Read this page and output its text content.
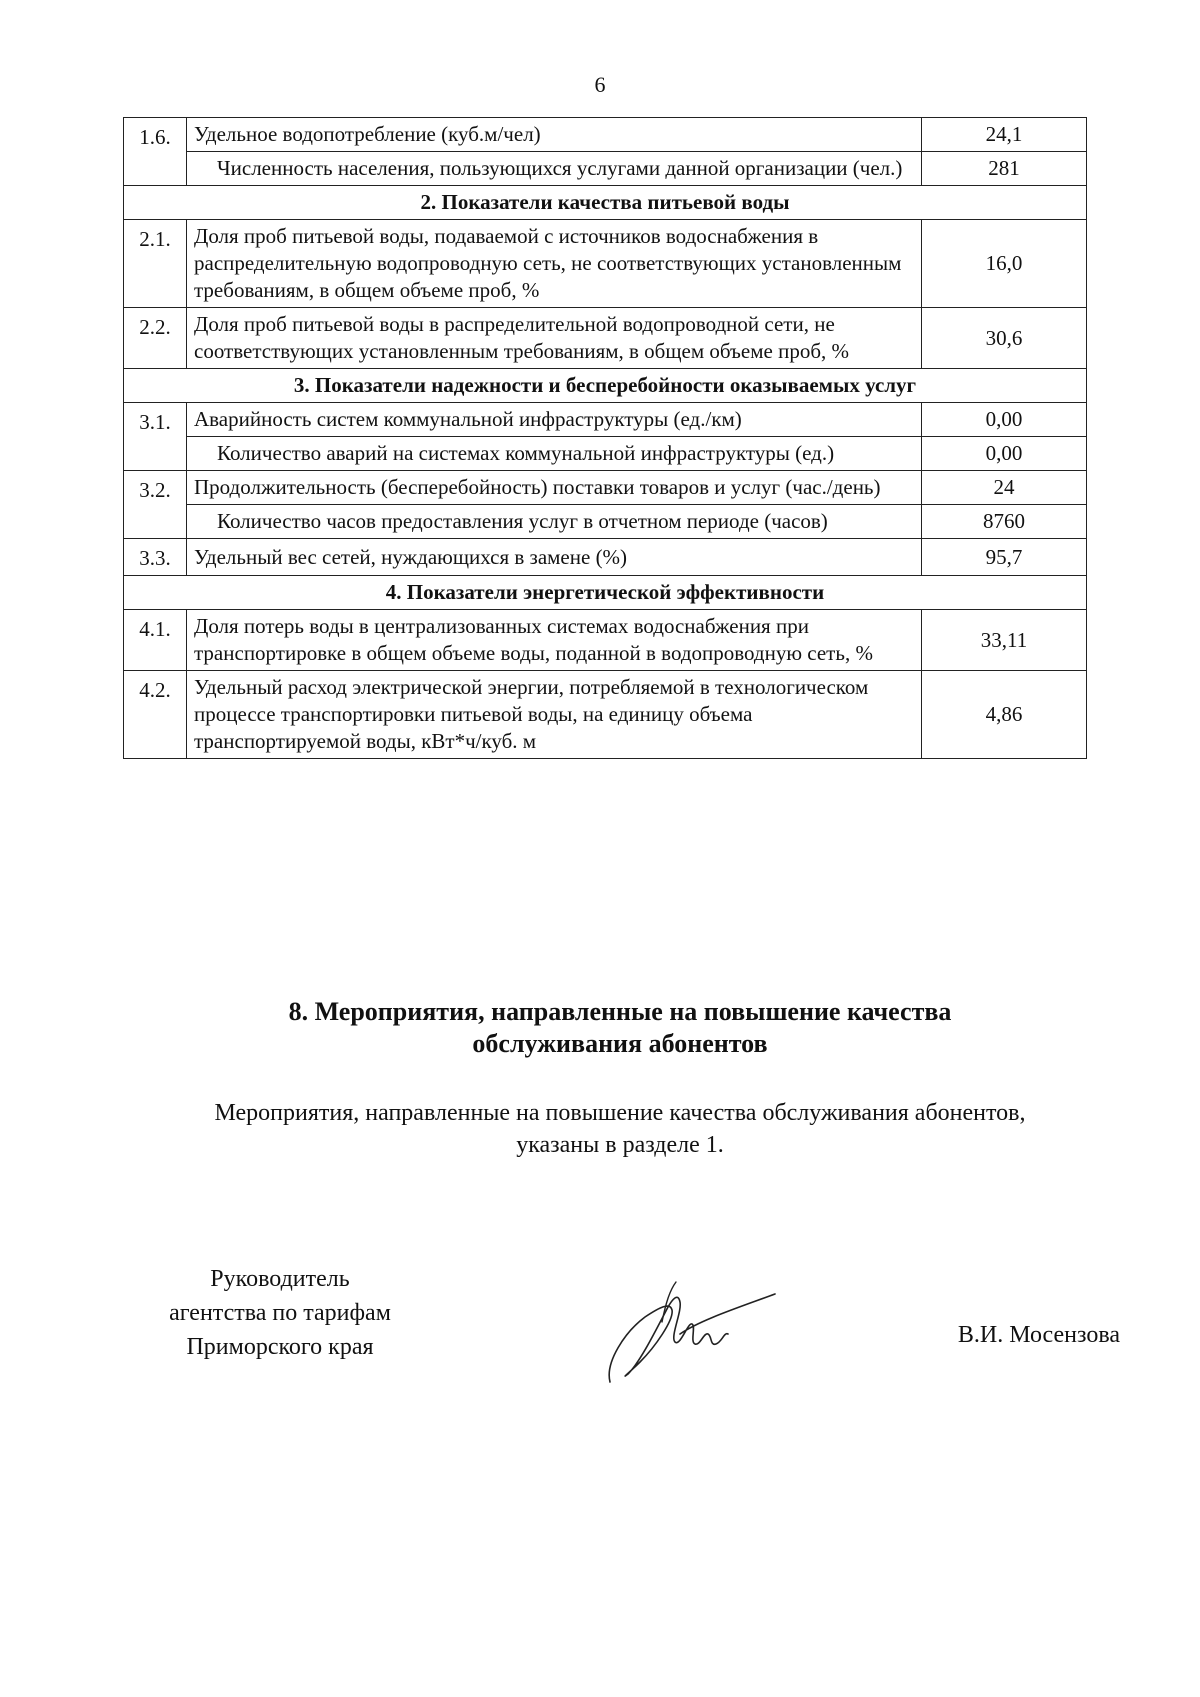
6
1.6.	Удельное водопотребление (куб.м/чел)	24,1
	Численность населения, пользующихся услугами данной организации (чел.)	281
2. Показатели качества питьевой воды		
2.1.	Доля проб питьевой воды, подаваемой с источников водоснабжения в распределительную водопроводную сеть, не соответствующих установленным требованиям, в общем объеме проб, %	16,0
2.2.	Доля проб питьевой воды в распределительной водопроводной сети, не соответствующих установленным требованиям, в общем объеме проб, %	30,6
3. Показатели надежности и бесперебойности оказываемых услуг		
3.1.	Аварийность систем коммунальной инфраструктуры (ед./км)	0,00
	Количество аварий на системах коммунальной инфраструктуры (ед.)	0,00
3.2.	Продолжительность (бесперебойность) поставки товаров и услуг (час./день)	24
	Количество часов предоставления услуг в отчетном периоде (часов)	8760
3.3.	Удельный вес сетей, нуждающихся в замене (%)	95,7
4. Показатели энергетической эффективности		
4.1.	Доля потерь воды в централизованных системах водоснабжения при транспортировке в общем объеме воды, поданной в водопроводную сеть, %	33,11
4.2.	Удельный расход электрической энергии, потребляемой в технологическом процессе транспортировки питьевой воды, на единицу объема транспортируемой воды, кВт*ч/куб. м	4,86
8. Мероприятия, направленные на повышение качества
обслуживания абонентов
Мероприятия, направленные на повышение качества обслуживания абонентов,
указаны в разделе 1.
Руководитель
агентства по тарифам
Приморского края	В.И. Мосензова
